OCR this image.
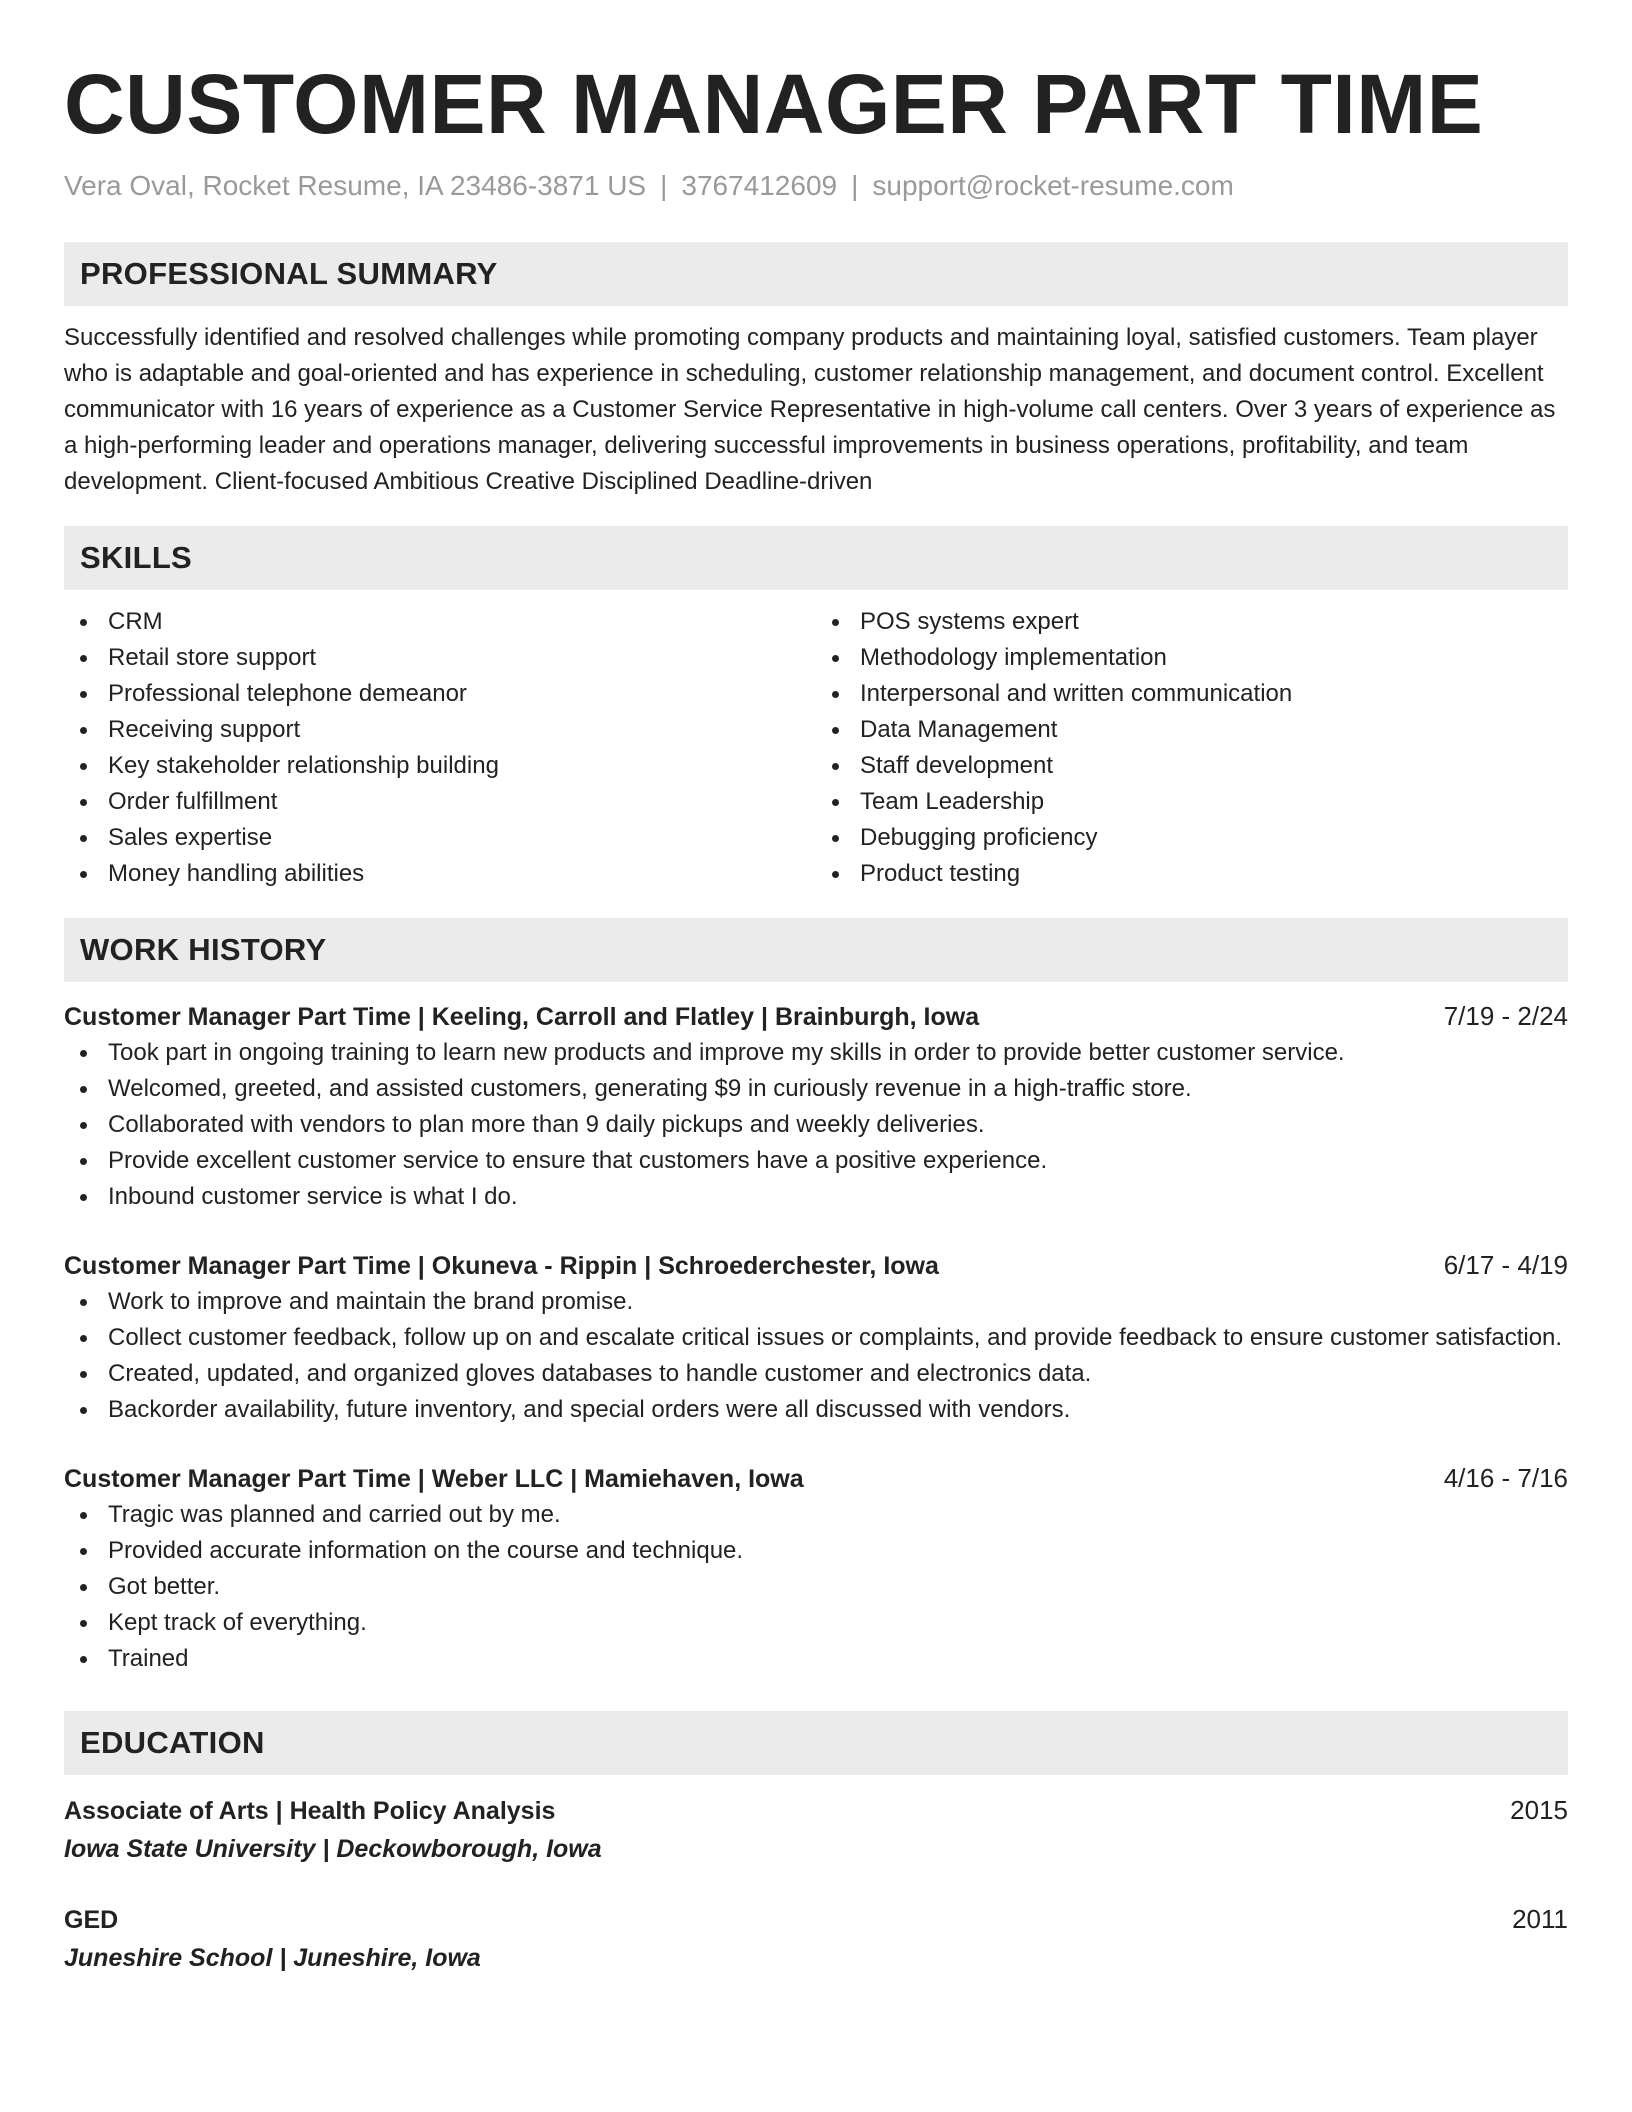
CUSTOMER MANAGER PART TIME
Vera Oval, Rocket Resume, IA 23486-3871 US | 3767412609 | support@rocket-resume.com
PROFESSIONAL SUMMARY
Successfully identified and resolved challenges while promoting company products and maintaining loyal, satisfied customers. Team player who is adaptable and goal-oriented and has experience in scheduling, customer relationship management, and document control. Excellent communicator with 16 years of experience as a Customer Service Representative in high-volume call centers. Over 3 years of experience as a high-performing leader and operations manager, delivering successful improvements in business operations, profitability, and team development. Client-focused Ambitious Creative Disciplined Deadline-driven
SKILLS
CRM
Retail store support
Professional telephone demeanor
Receiving support
Key stakeholder relationship building
Order fulfillment
Sales expertise
Money handling abilities
POS systems expert
Methodology implementation
Interpersonal and written communication
Data Management
Staff development
Team Leadership
Debugging proficiency
Product testing
WORK HISTORY
Customer Manager Part Time | Keeling, Carroll and Flatley | Brainburgh, Iowa	7/19 - 2/24
Took part in ongoing training to learn new products and improve my skills in order to provide better customer service.
Welcomed, greeted, and assisted customers, generating $9 in curiously revenue in a high-traffic store.
Collaborated with vendors to plan more than 9 daily pickups and weekly deliveries.
Provide excellent customer service to ensure that customers have a positive experience.
Inbound customer service is what I do.
Customer Manager Part Time | Okuneva - Rippin | Schroederchester, Iowa	6/17 - 4/19
Work to improve and maintain the brand promise.
Collect customer feedback, follow up on and escalate critical issues or complaints, and provide feedback to ensure customer satisfaction.
Created, updated, and organized gloves databases to handle customer and electronics data.
Backorder availability, future inventory, and special orders were all discussed with vendors.
Customer Manager Part Time | Weber LLC | Mamiehaven, Iowa	4/16 - 7/16
Tragic was planned and carried out by me.
Provided accurate information on the course and technique.
Got better.
Kept track of everything.
Trained
EDUCATION
Associate of Arts | Health Policy Analysis	2015
Iowa State University | Deckowborough, Iowa
GED	2011
Juneshire School | Juneshire, Iowa
